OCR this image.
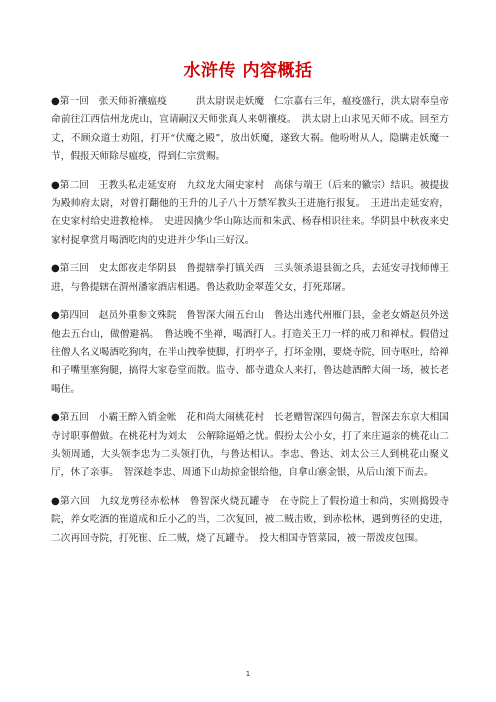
水浒传 内容概括

●第一回　张天师祈禳瘟疫　　　洪太尉误走妖魔　仁宗嘉右三年，瘟疫盛行，洪太尉奉皇帝命前往江西信州龙虎山，宣请嗣汉天师张真人来朝禳疫。　洪太尉上山求见天师不成。回至方丈，不顾众道士劝阻，打开“伏魔之殿”，放出妖魔，遂致大祸。他吩咐从人，隐瞒走妖魔一节，假报天师除尽瘟疫，得到仁宗赏赐。

●第二回　王教头私走延安府　九纹龙大闹史家村　高俅与端王（后来的徽宗）结识。被提拔为殿帅府太尉，对曾打翻他的王升的儿子八十万禁军教头王进施行报复。　王进出走延安府，在史家村给史进教枪棒。　史进因擒少华山陈达而和朱武、杨春相识往来。华阴县中秋夜来史家村捉拿赏月喝酒吃肉的史进并少华山三好汉。

●第三回　史太郎夜走华阴县　鲁提辖拳打镇关西　三头领杀退县衙之兵，去延安寻找师傅王进，与鲁提辖在渭州潘家酒店相遇。鲁达救助金翠莲父女，打死郑屠。

●第四回　赵员外重参文殊院　鲁智深大闹五台山　鲁达出逃代州雁门县，金老女婿赵员外送他去五台山，做僧避祸。　鲁达晚不坐禅，喝酒打人。打造关王刀一样的戒刀和禅杖。假借过往僧人名义喝酒吃狗肉，在半山拽拳使脚，打坍亭子，打坏金刚，要烧寺院，回寺呕吐，给禅和子嘴里塞狗腿，搞得大家卷堂而散。监寺、都寺遣众人来打，鲁达趁酒醉大闹一场，被长老喝住。

●第五回　小霸王醉入销金帐　花和尚大闹桃花村　长老赠智深四句偈言，智深去东京大相国寺讨职事僧做。在桃花村为刘太　公解除逼婚之忧。假扮太公小女，打了来庄逼亲的桃花山二头领周通，大头领李忠为二头领打仇，与鲁达相认。李忠、鲁达、刘太公三人到桃花山聚义厅，休了亲事。　智深趁李忠、周通下山劫掠金银给他，自拿山寨金银，从后山滚下而去。

●第六回　九纹龙剪径赤松林　鲁智深火烧瓦罐寺　在寺院上了假扮道士和尚，实则捣毁寺院，养女吃酒的崔道成和丘小乙的当，二次复回，被二贼击败，到赤松林，遇到剪径的史进，二次再回寺院，打死崔、丘二贼，烧了瓦罐寺。　投大相国寺管菜园，被一帮泼皮包围。

1
